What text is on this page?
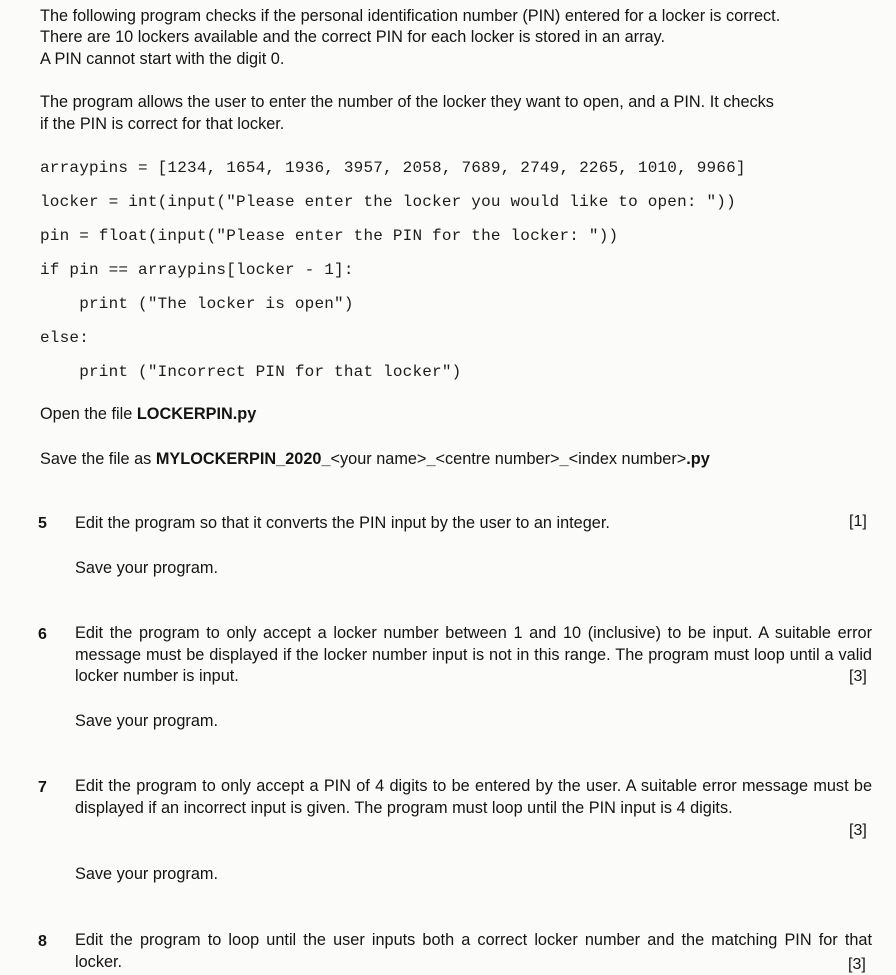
The following program checks if the personal identification number (PIN) entered for a locker is correct.

There are 10 lockers available and the correct PIN for each locker is stored in an array.

A PIN cannot start with the digit 0.

The program allows the user to enter the number of the locker they want to open, and a PIN. It checks

if the PIN is correct for that locker.

arraypins = [1234, 1654, 1936, 3957, 2058, 7689, 2749, 2265, 1010, 9966]

locker = int(input("Please enter the locker you would like to open: "))

pin = float(input("Please enter the PIN for the locker: "))

if pin == arraypins[locker - 1]:

print ("The locker is open")

else:

print ("Incorrect PIN for that locker")

Open the file LOCKERPIN.py

Save the file as MYLOCKERPIN_2020_<your name>_<centre number>_<index number>.py

5 Edit the program so that it converts the PIN input by the user to an integer.	[1]
Save your program.
6 Edit the program to only accept a locker number between 1 and 10 (inclusive) to be input. A suitable error message must be displayed if the locker number input is not in this range. The program must loop until a valid locker number is input.	[3]
Save your program.
7 Edit the program to only accept a PIN of 4 digits to be entered by the user. A suitable error message must be displayed if an incorrect input is given. The program must loop until the PIN input is 4 digits.
[3]
Save your program.
8 Edit the program to loop until the user inputs both a correct locker number and the matching PIN for that locker.	[3]
